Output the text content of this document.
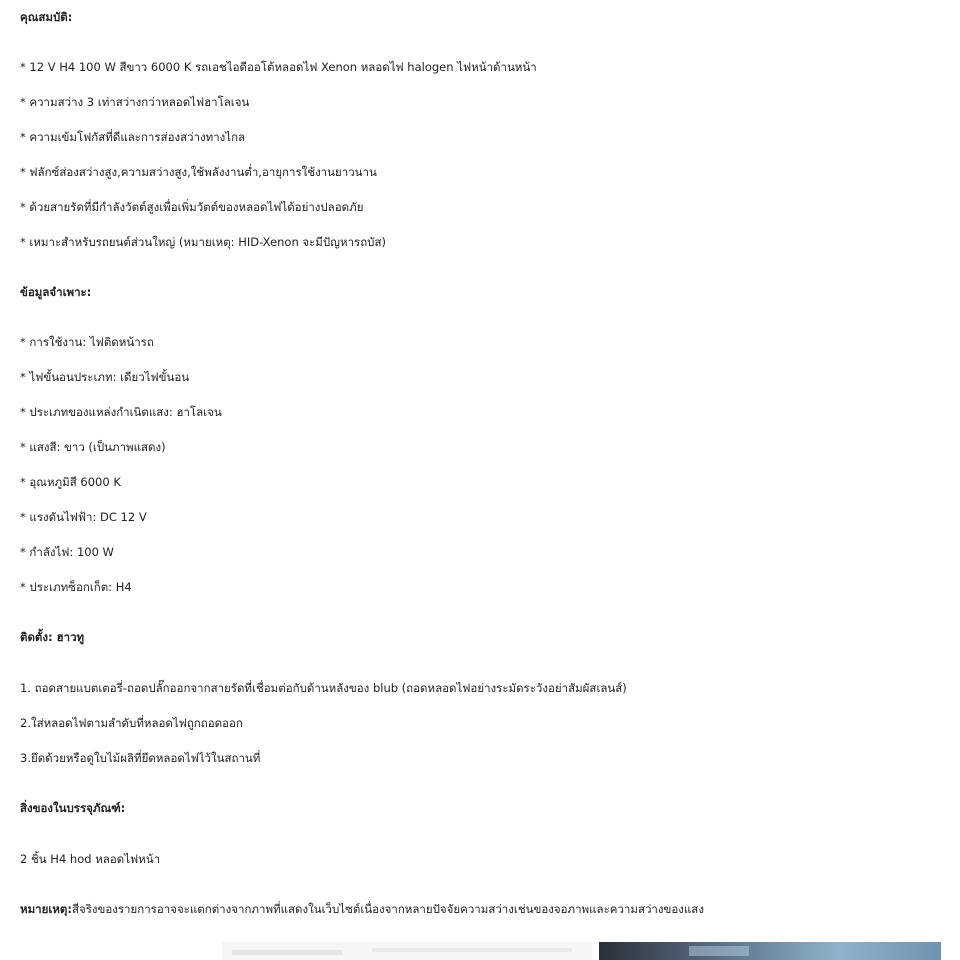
คุณสมบัติ:
* 12 V H4 100 W สีขาว 6000 K รถเอชไอดีออโต้หลอดไฟ Xenon หลอดไฟ halogen ไฟหน้าด้านหน้า
* ความสว่าง 3 เท่าสว่างกว่าหลอดไฟฮาโลเจน
* ความเข้มโฟกัสที่ดีและการส่องสว่างทางไกล
* ฟลักซ์ส่องสว่างสูง,ความสว่างสูง,ใช้พลังงานต่ำ,อายุการใช้งานยาวนาน
* ด้วยสายรัดที่มีกำลังวัตต์สูงเพื่อเพิ่มวัตต์ของหลอดไฟได้อย่างปลอดภัย
* เหมาะสำหรับรถยนต์ส่วนใหญ่ (หมายเหตุ: HID-Xenon จะมีปัญหารถบัส)
ข้อมูลจำเพาะ:
* การใช้งาน: ไฟติดหน้ารถ
* ไฟขั้นอนประเภท: เดียวไฟขั้นอน
* ประเภทของแหล่งกำเนิดแสง: ฮาโลเจน
* แสงสี: ขาว (เป็นภาพแสดง)
* อุณหภูมิสี 6000 K
* แรงดันไฟฟ้า: DC 12 V
* กำลังไฟ: 100 W
* ประเภทซ็อกเก็ต: H4
ติดตั้ง: ฮาวทู
1. ถอดสายแบตเตอรี่-ถอดปลั๊กออกจากสายรัดที่เชื่อมต่อกับด้านหลังของ blub (ถอดหลอดไฟอย่างระมัดระวังอย่าสัมผัสเลนส์)
2.ใส่หลอดไฟตามลำดับที่หลอดไฟถูกถอดออก
3.ยึดด้วยหรือดูใบไม้ผลิที่ยึดหลอดไฟไว้ในสถานที่
สิ่งของในบรรจุภัณฑ์:
2 ชิ้น H4 hod หลอดไฟหน้า
หมายเหตุ:สีจริงของรายการอาจจะแตกต่างจากภาพที่แสดงในเว็บไซต์เนื่องจากหลายปัจจัยความสว่างเช่นของจอภาพและความสว่างของแสง
